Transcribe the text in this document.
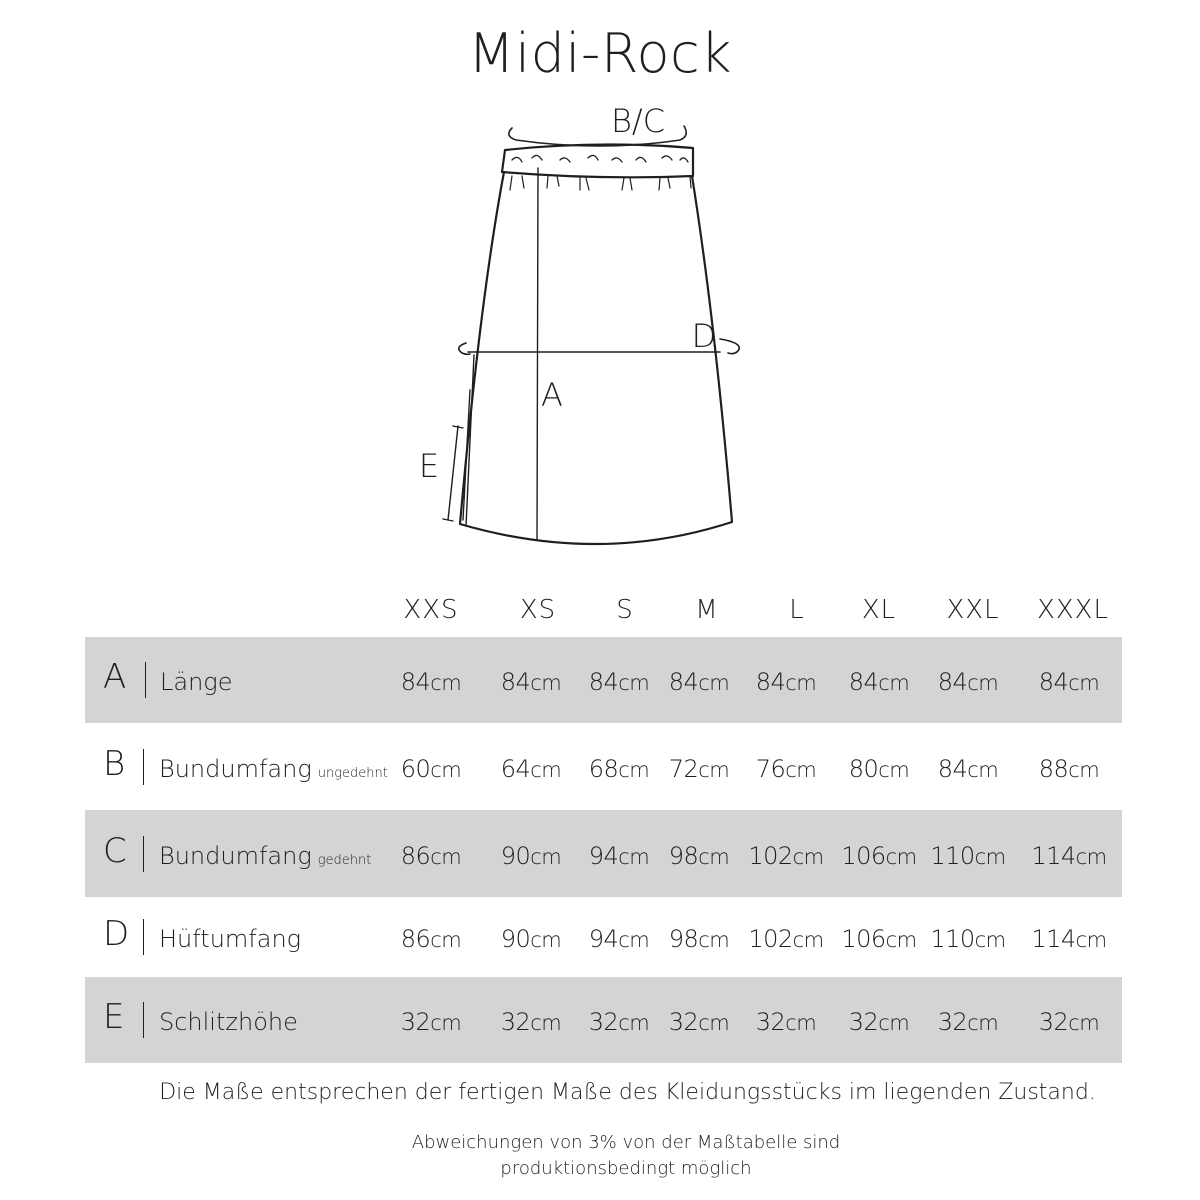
Midi-Rock
B/C
D
A
E
XXS	XS	S	M	L	XL	XXL	XXXL
A Länge	84cm	84cm	84cm 84cm	84cm	84cm	84cm	84cm
B Bundumfang ungedehnt 60cm	64cm	68cm 72cm	76cm	80cm	84cm	88cm
C Bundumfang gedehnt	86cm	90cm	94cm 98cm 102cm 106cm 110cm	114cm
D Hüftumfang	86cm	90cm	94cm 98cm 102cm 106cm 110cm	114cm
E Schlitzhöhe	32cm	32cm	32cm 32cm	32cm	32cm	32cm	32cm
Die Maße entsprechen der fertigen Maße des Kleidungsstücks im liegenden Zustand.
Abweichungen von 3% von der Maßtabelle sind
produktionsbedingt möglich
